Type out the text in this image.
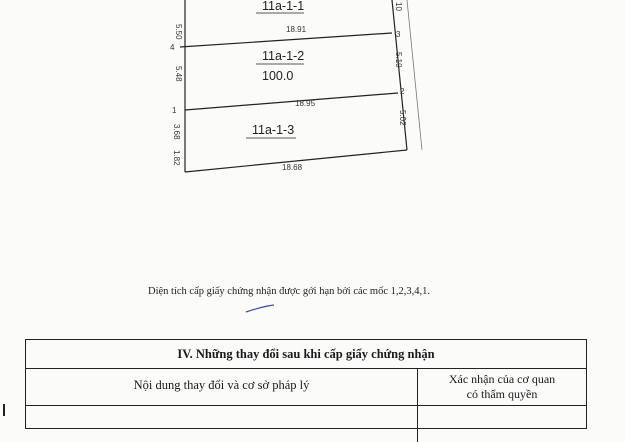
11a-1-1
11a-1-2
100.0
11a-1-3
5.50
10
18.91
5.48
5.10
18.95
3.68
1.82
5.02
18.68
4
3
1
2
Diện tích cấp giấy chứng nhận được gới hạn bởi các mốc 1,2,3,4,1.
IV. Những thay đổi sau khi cấp giấy chứng nhận
Nội dung thay đổi và cơ sở pháp lý	Xác nhận của cơ quan
có thẩm quyền
